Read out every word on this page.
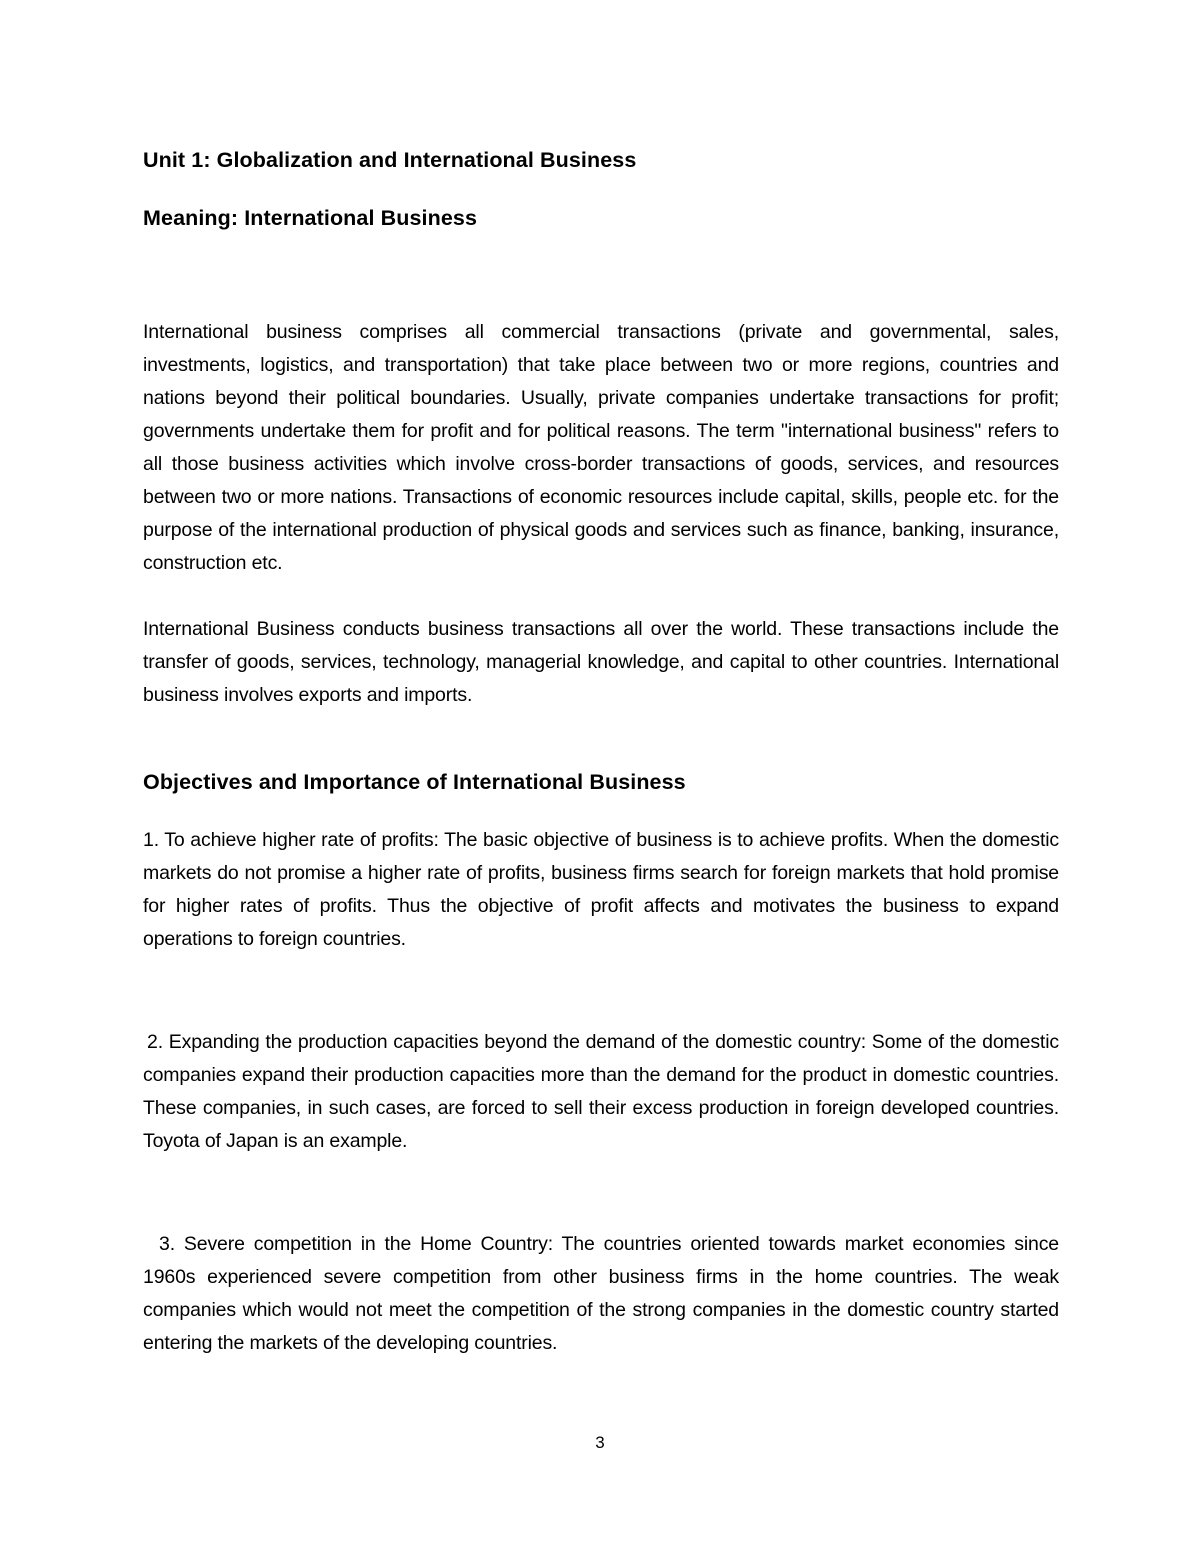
Unit 1: Globalization and International Business
Meaning: International Business

International business comprises all commercial transactions (private and governmental, sales, investments, logistics, and transportation) that take place between two or more regions, countries and nations beyond their political boundaries. Usually, private companies undertake transactions for profit; governments undertake them for profit and for political reasons. The term "international business" refers to all those business activities which involve cross-border transactions of goods, services, and resources between two or more nations. Transactions of economic resources include capital, skills, people etc. for the purpose of the international production of physical goods and services such as finance, banking, insurance, construction etc.

International Business conducts business transactions all over the world. These transactions include the transfer of goods, services, technology, managerial knowledge, and capital to other countries. International business involves exports and imports.

Objectives and Importance of International Business

1. To achieve higher rate of profits: The basic objective of business is to achieve profits. When the domestic markets do not promise a higher rate of profits, business firms search for foreign markets that hold promise for higher rates of profits. Thus the objective of profit affects and motivates the business to expand operations to foreign countries.

2. Expanding the production capacities beyond the demand of the domestic country: Some of the domestic companies expand their production capacities more than the demand for the product in domestic countries. These companies, in such cases, are forced to sell their excess production in foreign developed countries. Toyota of Japan is an example.

3. Severe competition in the Home Country: The countries oriented towards market economies since 1960s experienced severe competition from other business firms in the home countries. The weak companies which would not meet the competition of the strong companies in the domestic country started entering the markets of the developing countries.

3
